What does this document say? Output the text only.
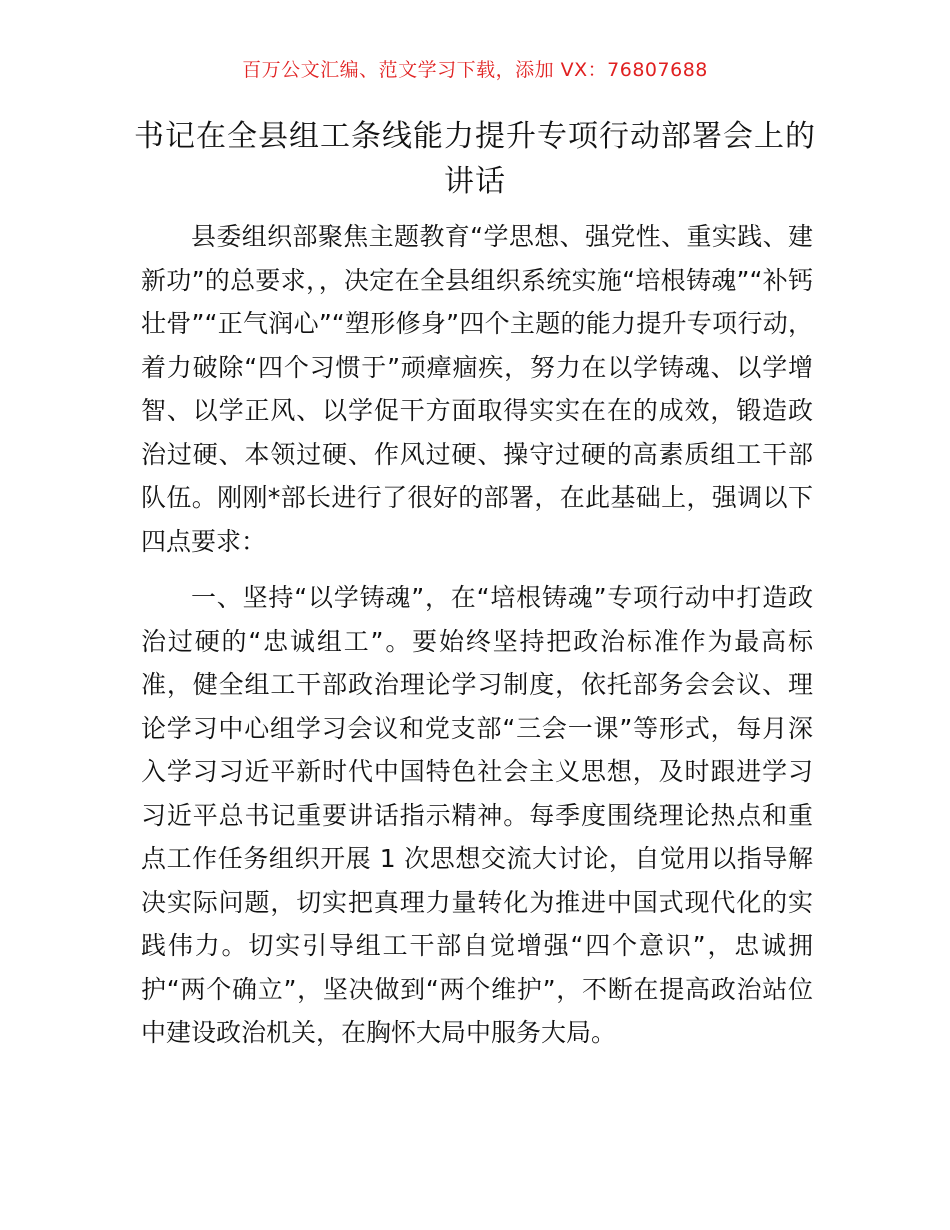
百万公文汇编、范文学习下载，添加 VX：76807688
书记在全县组工条线能力提升专项行动部署会上的讲话

县委组织部聚焦主题教育“学思想、强党性、重实践、建新功”的总要求，，决定在全县组织系统实施“培根铸魂”“补钙壮骨”“正气润心”“塑形修身”四个主题的能力提升专项行动，着力破除“四个习惯于”顽瘴痼疾，努力在以学铸魂、以学增智、以学正风、以学促干方面取得实实在在的成效，锻造政治过硬、本领过硬、作风过硬、操守过硬的高素质组工干部队伍。刚刚*部长进行了很好的部署，在此基础上，强调以下四点要求：

一、坚持“以学铸魂”，在“培根铸魂”专项行动中打造政治过硬的“忠诚组工”。要始终坚持把政治标准作为最高标准，健全组工干部政治理论学习制度，依托部务会会议、理论学习中心组学习会议和党支部“三会一课”等形式，每月深入学习习近平新时代中国特色社会主义思想，及时跟进学习习近平总书记重要讲话指示精神。每季度围绕理论热点和重点工作任务组织开展 1 次思想交流大讨论，自觉用以指导解决实际问题，切实把真理力量转化为推进中国式现代化的实践伟力。切实引导组工干部自觉增强“四个意识”，忠诚拥护“两个确立”，坚决做到“两个维护”，不断在提高政治站位中建设政治机关，在胸怀大局中服务大局。
